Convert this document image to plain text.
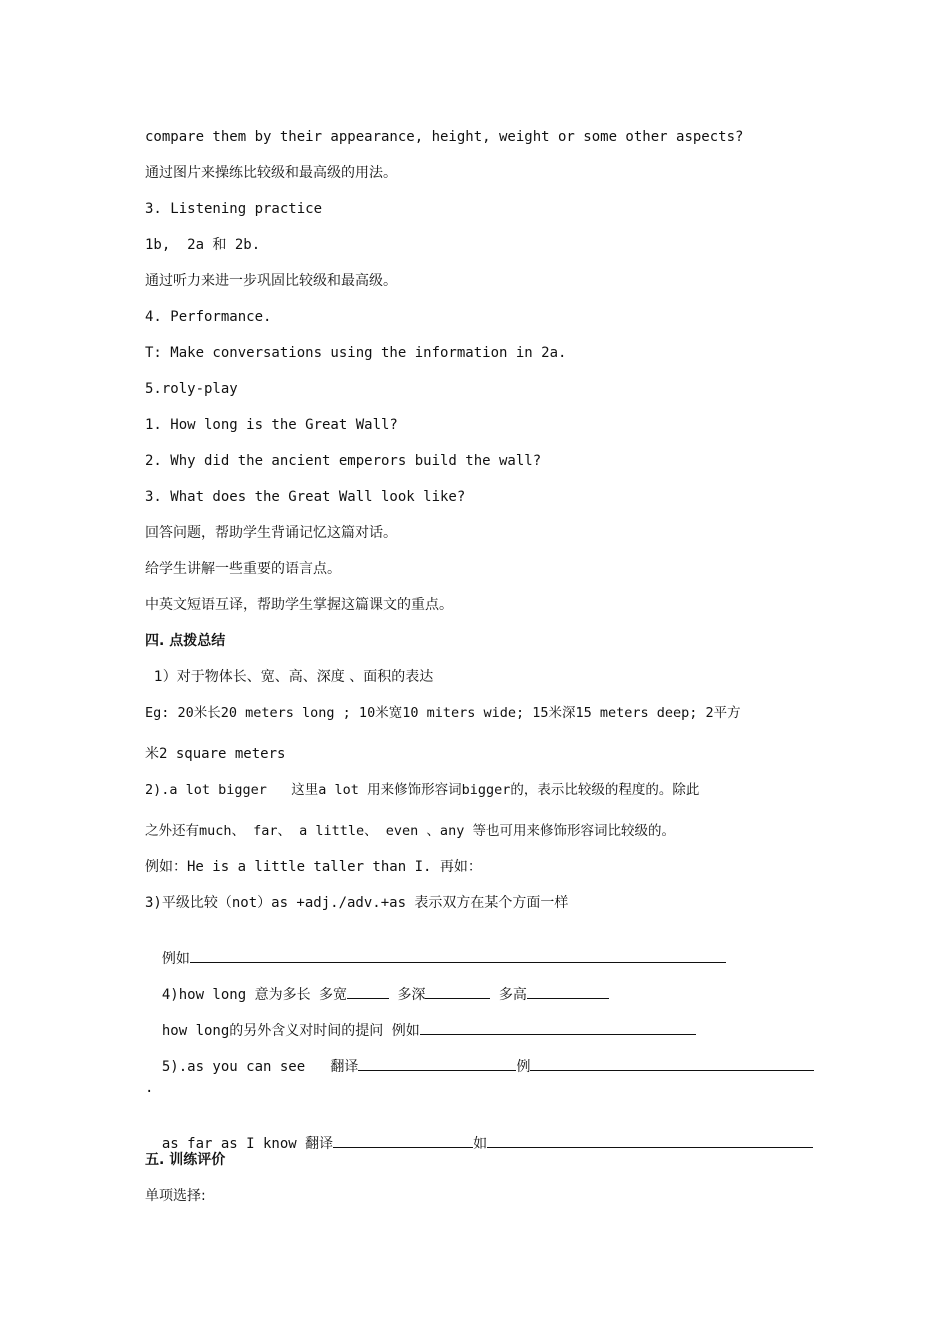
compare them by their appearance, height, weight or some other aspects?
通过图片来操练比较级和最高级的用法。
3. Listening practice
1b,  2a 和 2b.
通过听力来进一步巩固比较级和最高级。
4. Performance.
T: Make conversations using the information in 2a.
5.roly-play
1. How long is the Great Wall?
2. Why did the ancient emperors build the wall?
3. What does the Great Wall look like?
回答问题，帮助学生背诵记忆这篇对话。
给学生讲解一些重要的语言点。
中英文短语互译，帮助学生掌握这篇课文的重点。
四. 点拨总结
1）对于物体长、宽、高、深度 、面积的表达
Eg: 20米长20 meters long ; 10米宽10 miters wide; 15米深15 meters deep; 2平方
米2 square meters
2).a lot bigger   这里a lot 用来修饰形容词bigger的，表示比较级的程度的。除此
之外还有much、 far、 a little、 even 、any 等也可用来修饰形容词比较级的。
例如：He is a little taller than I. 再如：
3)平级比较（not）as +adj./adv.+as 表示双方在某个方面一样

例如

4)how long 意为多长 多宽	多深	多高

how long的另外含义对时间的提问 例如

5).as you can see   翻译	例

.

as far as I know 翻译	如

五. 训练评价
单项选择:
